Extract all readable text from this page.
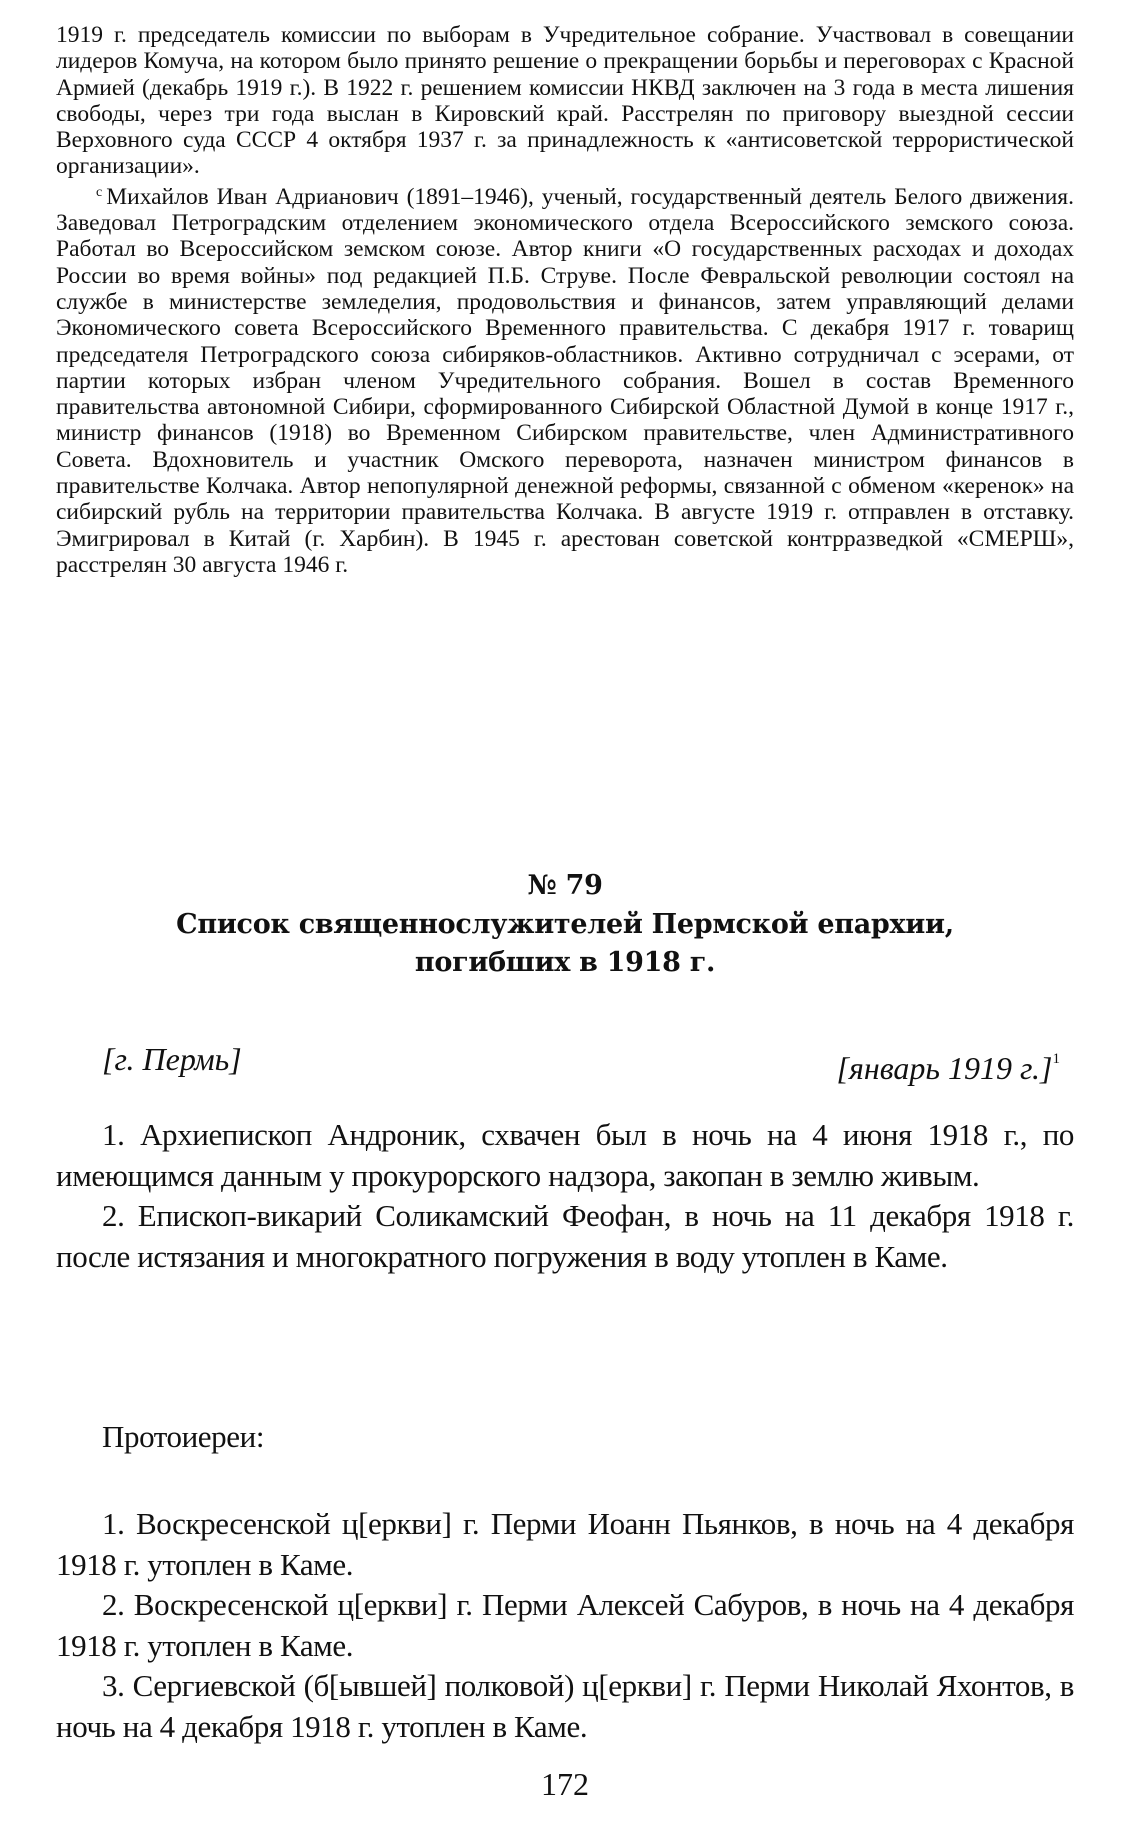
1919 г. председатель комиссии по выборам в Учредительное собрание. Участвовал в совещании лидеров Комуча, на котором было принято решение о прекращении борьбы и переговорах с Красной Армией (декабрь 1919 г.). В 1922 г. решением комиссии НКВД заключен на 3 года в места лишения свободы, через три года выслан в Кировский край. Расстрелян по приговору выездной сессии Верховного суда СССР 4 октября 1937 г. за принадлежность к «антисоветской террористической организации».

$^с$ Михайлов Иван Адрианович (1891–1946), ученый, государственный деятель Белого движения. Заведовал Петроградским отделением экономического отдела Всероссийского земского союза. Работал во Всероссийском земском союзе. Автор книги «О государственных расходах и доходах России во время войны» под редакцией П.Б. Струве. После Февральской революции состоял на службе в министерстве земледелия, продовольствия и финансов, затем управляющий делами Экономического совета Всероссийского Временного правительства. С декабря 1917 г. товарищ председателя Петроградского союза сибиряков-областников. Активно сотрудничал с эсерами, от партии которых избран членом Учредительного собрания. Вошел в состав Временного правительства автономной Сибири, сформированного Сибирской Областной Думой в конце 1917 г., министр финансов (1918) во Временном Сибирском правительстве, член Административного Совета. Вдохновитель и участник Омского переворота, назначен министром финансов в правительстве Колчака. Автор непопулярной денежной реформы, связанной с обменом «керенок» на сибирский рубль на территории правительства Колчака. В августе 1919 г. отправлен в отставку. Эмигрировал в Китай (г. Харбин). В 1945 г. арестован советской контрразведкой «СМЕРШ», расстрелян 30 августа 1946 г.

№ 79
Список священнослужителей Пермской епархии,
погибших в 1918 г.
[г. Пермь]	[январь 1919 г.]$^1$

1. Архиепископ Андроник, схвачен был в ночь на 4 июня 1918 г., по имеющимся данным у прокурорского надзора, закопан в землю живым.

2. Епископ-викарий Соликамский Феофан, в ночь на 11 декабря 1918 г. после истязания и многократного погружения в воду утоплен в Каме.

Протоиереи:

1. Воскресенской ц[еркви] г. Перми Иоанн Пьянков, в ночь на 4 декабря 1918 г. утоплен в Каме.

2. Воскресенской ц[еркви] г. Перми Алексей Сабуров, в ночь на 4 декабря 1918 г. утоплен в Каме.

3. Сергиевской (б[ывшей] полковой) ц[еркви] г. Перми Николай Яхонтов, в ночь на 4 декабря 1918 г. утоплен в Каме.

172
